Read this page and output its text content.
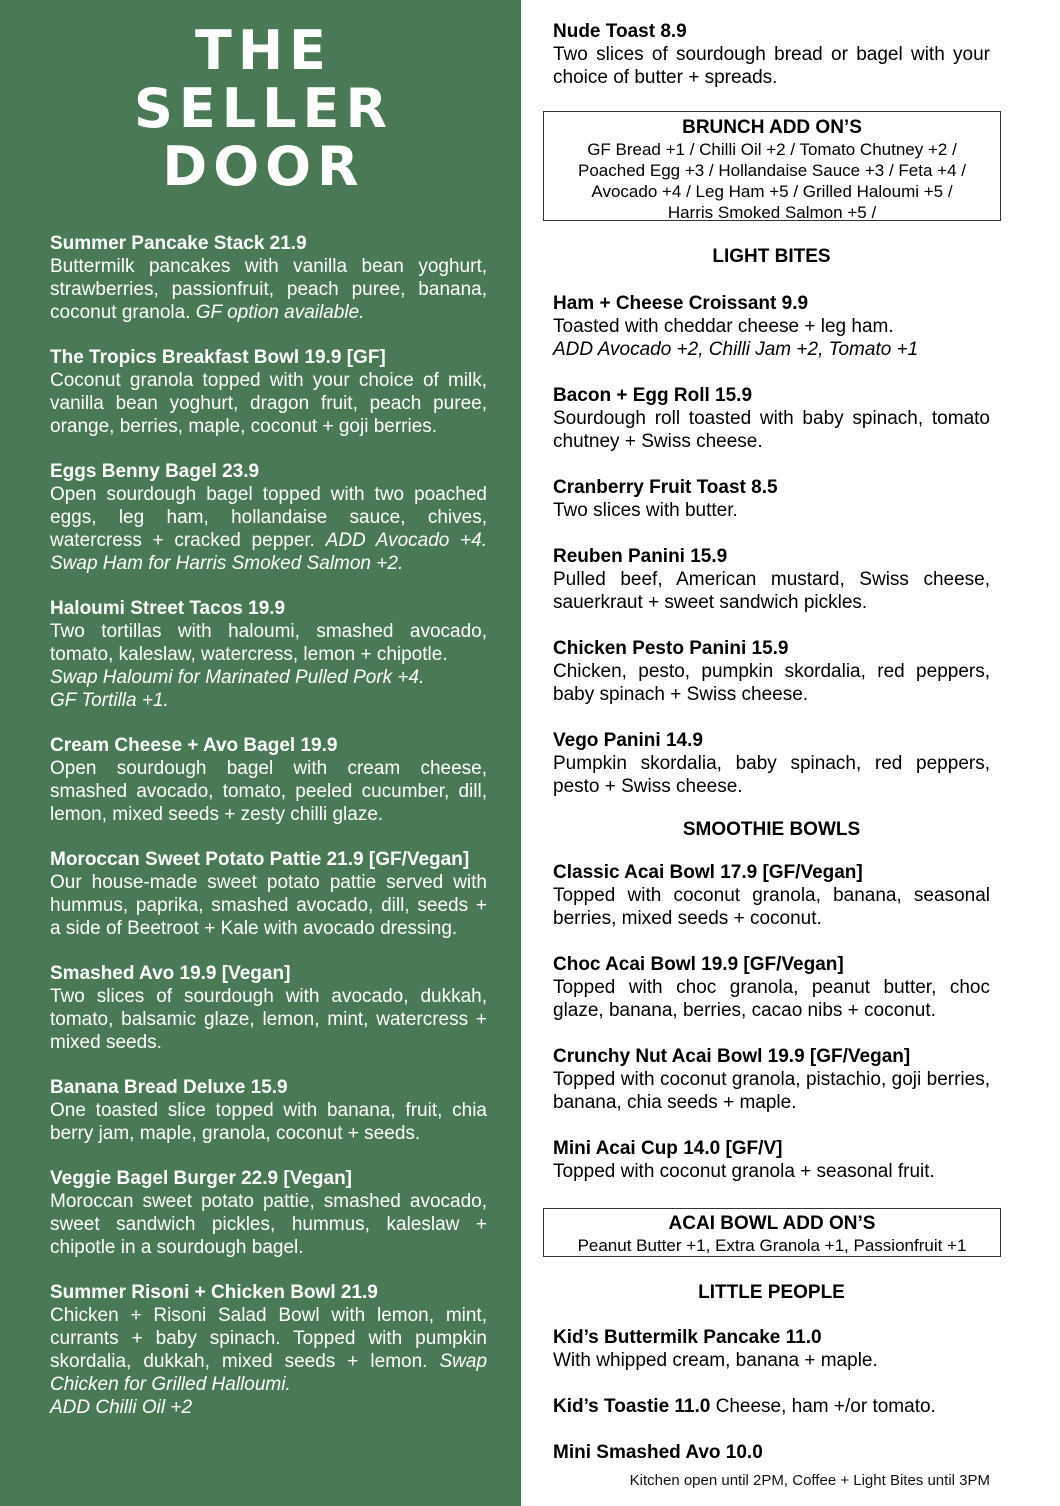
THE
SELLER
DOOR
Summer Pancake Stack 21.9
Buttermilk pancakes with vanilla bean yoghurt, strawberries, passionfruit, peach puree, banana, coconut granola. GF option available.
The Tropics Breakfast Bowl 19.9 [GF]
Coconut granola topped with your choice of milk, vanilla bean yoghurt, dragon fruit, peach puree, orange, berries, maple, coconut + goji berries.
Eggs Benny Bagel 23.9
Open sourdough bagel topped with two poached eggs, leg ham, hollandaise sauce, chives, watercress + cracked pepper. ADD Avocado +4. Swap Ham for Harris Smoked Salmon +2.
Haloumi Street Tacos 19.9
Two tortillas with haloumi, smashed avocado, tomato, kaleslaw, watercress, lemon + chipotle.
Swap Haloumi for Marinated Pulled Pork +4.
GF Tortilla +1.
Cream Cheese + Avo Bagel 19.9
Open sourdough bagel with cream cheese, smashed avocado, tomato, peeled cucumber, dill, lemon, mixed seeds + zesty chilli glaze.
Moroccan Sweet Potato Pattie 21.9 [GF/Vegan]
Our house-made sweet potato pattie served with hummus, paprika, smashed avocado, dill, seeds + a side of Beetroot + Kale with avocado dressing.
Smashed Avo 19.9 [Vegan]
Two slices of sourdough with avocado, dukkah, tomato, balsamic glaze, lemon, mint, watercress + mixed seeds.
Banana Bread Deluxe 15.9
One toasted slice topped with banana, fruit, chia berry jam, maple, granola, coconut + seeds.
Veggie Bagel Burger 22.9 [Vegan]
Moroccan sweet potato pattie, smashed avocado, sweet sandwich pickles, hummus, kaleslaw + chipotle in a sourdough bagel.
Summer Risoni + Chicken Bowl 21.9
Chicken + Risoni Salad Bowl with lemon, mint, currants + baby spinach. Topped with pumpkin skordalia, dukkah, mixed seeds + lemon. Swap Chicken for Grilled Halloumi.
ADD Chilli Oil +2
Nude Toast 8.9
Two slices of sourdough bread or bagel with your choice of butter + spreads.
BRUNCH ADD ON’S
GF Bread +1 / Chilli Oil +2 / Tomato Chutney +2 /
Poached Egg +3 / Hollandaise Sauce +3 / Feta +4 /
Avocado +4 / Leg Ham +5 / Grilled Haloumi +5 /
Harris Smoked Salmon +5 /
LIGHT BITES
Ham + Cheese Croissant 9.9
Toasted with cheddar cheese + leg ham.
ADD Avocado +2, Chilli Jam +2, Tomato +1
Bacon + Egg Roll 15.9
Sourdough roll toasted with baby spinach, tomato chutney + Swiss cheese.
Cranberry Fruit Toast 8.5
Two slices with butter.
Reuben Panini 15.9
Pulled beef, American mustard, Swiss cheese, sauerkraut + sweet sandwich pickles.
Chicken Pesto Panini 15.9
Chicken, pesto, pumpkin skordalia, red peppers, baby spinach + Swiss cheese.
Vego Panini 14.9
Pumpkin skordalia, baby spinach, red peppers, pesto + Swiss cheese.
SMOOTHIE BOWLS
Classic Acai Bowl 17.9 [GF/Vegan]
Topped with coconut granola, banana, seasonal berries, mixed seeds + coconut.
Choc Acai Bowl 19.9 [GF/Vegan]
Topped with choc granola, peanut butter, choc glaze, banana, berries, cacao nibs + coconut.
Crunchy Nut Acai Bowl 19.9 [GF/Vegan]
Topped with coconut granola, pistachio, goji berries, banana, chia seeds + maple.
Mini Acai Cup 14.0 [GF/V]
Topped with coconut granola + seasonal fruit.
ACAI BOWL ADD ON’S
Peanut Butter +1, Extra Granola +1, Passionfruit +1
LITTLE PEOPLE
Kid’s Buttermilk Pancake 11.0
With whipped cream, banana + maple.
Kid’s Toastie 11.0 Cheese, ham +/or tomato.
Mini Smashed Avo 10.0
Kitchen open until 2PM, Coffee + Light Bites until 3PM
